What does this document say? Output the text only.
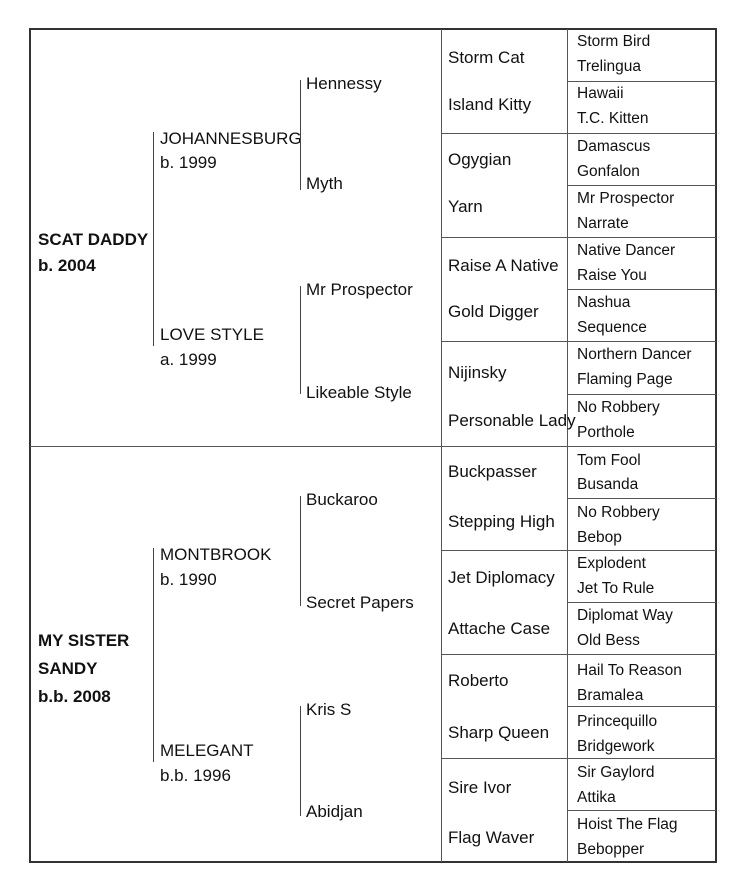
SCAT DADDY
b. 2004
MY SISTER
SANDY
b.b. 2008
JOHANNESBURG
b. 1999
LOVE STYLE
a. 1999
MONTBROOK
b. 1990
MELEGANT
b.b. 1996
Hennessy
Myth
Mr Prospector
Likeable Style
Buckaroo
Secret Papers
Kris S
Abidjan
Storm Cat
Island Kitty
Ogygian
Yarn
Raise A Native
Gold Digger
Nijinsky
Personable Lady
Buckpasser
Stepping High
Jet Diplomacy
Attache Case
Roberto
Sharp Queen
Sire Ivor
Flag Waver
Storm Bird
Trelingua
Hawaii
T.C. Kitten
Damascus
Gonfalon
Mr Prospector
Narrate
Native Dancer
Raise You
Nashua
Sequence
Northern Dancer
Flaming Page
No Robbery
Porthole
Tom Fool
Busanda
No Robbery
Bebop
Explodent
Jet To Rule
Diplomat Way
Old Bess
Hail To Reason
Bramalea
Princequillo
Bridgework
Sir Gaylord
Attika
Hoist The Flag
Bebopper
